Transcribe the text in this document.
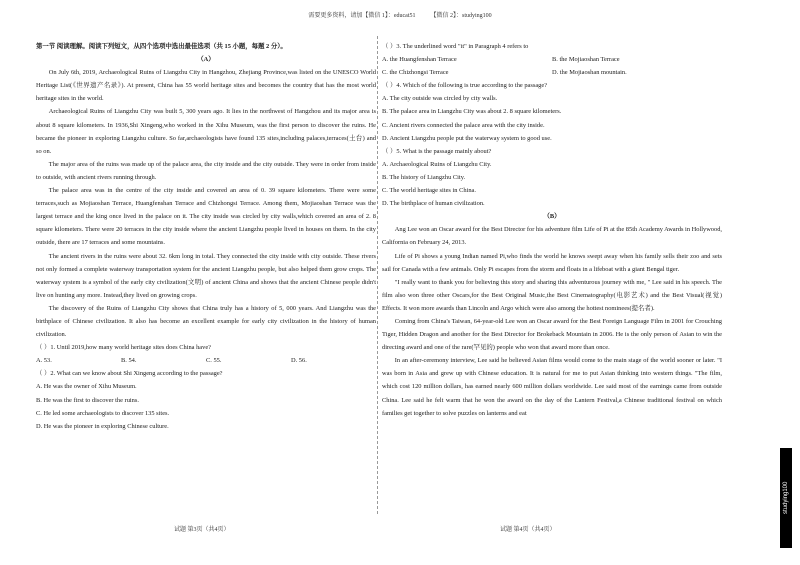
需要更多资料，请加【微信 1】：educat51          【微信 2】：studying100

第一节 阅读理解。阅读下列短文，从四个选项中选出最佳选项（共 15 小题，每题 2 分）。

（A）

On July 6th, 2019, Archaeological Ruins of Liangzhu City in Hangzhou, Zhejiang Province,was listed on the UNESCO World Heritage List(《世界遗产名录》). At present, China has 55 world heritage sites and becomes the country that has the most world heritage sites in the world.

Archaeological Ruins of Liangzhu City was built 5, 300 years ago. It lies in the northwest of Hangzhou and its major area is about 8 square kilometers. In 1936,Shi Xingeng,who worked in the Xihu Museum, was the first person to discover the ruins. He became the pioneer in exploring Liangzhu culture. So far,archaeologists have found 135 sites,including palaces,terraces(土台) and so on.

The major area of the ruins was made up of the palace area, the city inside and the city outside. They were in order from inside to outside, with ancient rivers running through.

The palace area was in the centre of the city inside and covered an area of 0. 39 square kilometers. There were some terraces,such as Mojiaoshan Terrace, Huangfenshan Terrace and Chizhongsi Terrace. Among them, Mojiaoshan Terrace was the largest terrace and the king once lived in the palace on it. The city inside was circled by city walls,which covered an area of 2. 8 square kilometers. There were 20 terraces in the city inside where the ancient Liangzhu people lived in houses on them. In the city outside, there are 17 terraces and some mountains.

The ancient rivers in the ruins were about 32. 6km long in total. They connected the city inside with city outside. These rivers not only formed a complete waterway transportation system for the ancient Liangzhu people, but also helped them grow crops. The waterway system is a symbol of the early city civilization(文明) of ancient China and shows that the ancient Chinese people didn't live on hunting any more. Instead,they lived on growing crops.

The discovery of the Ruins of Liangzhu City shows that China truly has a history of 5, 000 years. And Liangzhu was the birthplace of Chinese civilization. It also has become an excellent example for early city civilization in the history of human civilization.

（ ）1. Until 2019,how many world heritage sites does China have?

A. 53.	B. 54.	C. 55.	D. 56.

（ ）2. What can we know about Shi Xingeng according to the passage?

A. He was the owner of Xihu Museum.

B. He was the first to discover the ruins.

C. He led some archaeologists to discover 135 sites.

D. He was the pioneer in exploring Chinese culture.

（ ）3. The underlined word "it" in Paragraph 4 refers to

A. the Huangfenshan Terrace	B. the Mojiaoshan Terrace
C. the Chizhongsi Terrace	D. the Mojiaoshan mountain.

（ ）4. Which of the following is true according to the passage?

A. The city outside was circled by city walls.

B. The palace area in Liangzhu City was about 2. 8 square kilometers.

C. Ancient rivers connected the palace area with the city inside.

D. Ancient Liangzhu people put the waterway system to good use.

（ ）5. What is the passage mainly about?

A. Archaeological Ruins of Liangzhu City.

B. The history of Liangzhu City.

C. The world heritage sites in China.

D. The birthplace of human civilization.

（B）

Ang Lee won an Oscar award for the Best Director for his adventure film Life of Pi at the 85th Academy Awards in Hollywood, California on February 24, 2013.

Life of Pi shows a young Indian named Pi,who finds the world he knows swept away when his family sells their zoo and sets sail for Canada with a few animals. Only Pi escapes from the storm and floats in a lifeboat with a giant Bengal tiger.

"I really want to thank you for believing this story and sharing this adventurous journey with me, " Lee said in his speech. The film also won three other Oscars,for the Best Original Music,the Best Cinematography(电影艺术) and the Best Visual(视觉) Effects. It won more awards than Lincoln and Argo which were also among the hottest nominees(提名者).

Coming from China's Taiwan, 64-year-old Lee won an Oscar award for the Best Foreign Language Film in 2001 for Crouching Tiger, Hidden Dragon and another for the Best Director for Brokeback Mountain in 2006. He is the only person of Asian to win the directing award and one of the rare(罕见的) people who won that award more than once.

In an after-ceremony interview, Lee said he believed Asian films would come to the main stage of the world sooner or later. "I was born in Asia and grew up with Chinese education. It is natural for me to put Asian thinking into western things. "The film, which cost 120 million dollars, has earned nearly 600 million dollars worldwide. Lee said most of the earnings came from outside China. Lee said he felt warm that he won the award on the day of the Lantern Festival,a Chinese traditional festival on which families get together to solve puzzles on lanterns and eat

试题 第3页（共4页）	试题 第4页（共4页）
studying100
